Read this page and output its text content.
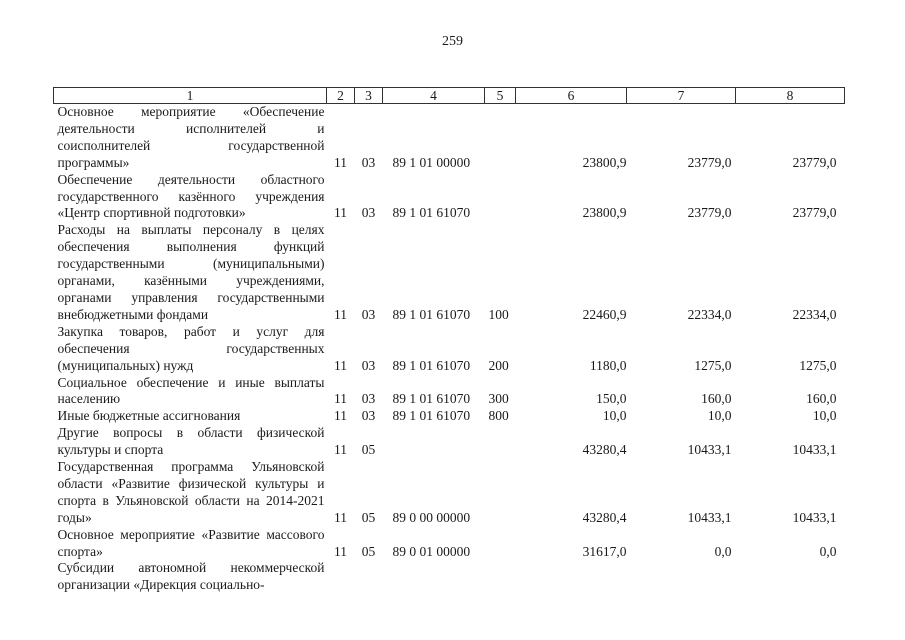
259
1	2	3	4	5	6	7	8
Основное мероприятие «Обеспечение деятельности исполнителей и соисполнителей государственной программы»	11	03	89 1 01 00000		23800,9	23779,0	23779,0
Обеспечение деятельности областного государственного казённого учреждения «Центр спортивной подготовки»	11	03	89 1 01 61070		23800,9	23779,0	23779,0
Расходы на выплаты персоналу в целях обеспечения выполнения функций государственными (муниципальными) органами, казёнными учреждениями, органами управления государственными внебюджетными фондами	11	03	89 1 01 61070	100	22460,9	22334,0	22334,0
Закупка товаров, работ и услуг для обеспечения государственных (муниципальных) нужд	11	03	89 1 01 61070	200	1180,0	1275,0	1275,0
Социальное обеспечение и иные выплаты населению	11	03	89 1 01 61070	300	150,0	160,0	160,0
Иные бюджетные ассигнования	11	03	89 1 01 61070	800	10,0	10,0	10,0
Другие вопросы в области физической культуры и спорта	11	05			43280,4	10433,1	10433,1
Государственная программа Ульяновской области «Развитие физической культуры и спорта в Ульяновской области на 2014-2021 годы»	11	05	89 0 00 00000		43280,4	10433,1	10433,1
Основное мероприятие «Развитие массового спорта»	11	05	89 0 01 00000		31617,0	0,0	0,0
Субсидии автономной некоммерческой организации «Дирекция социально-							
